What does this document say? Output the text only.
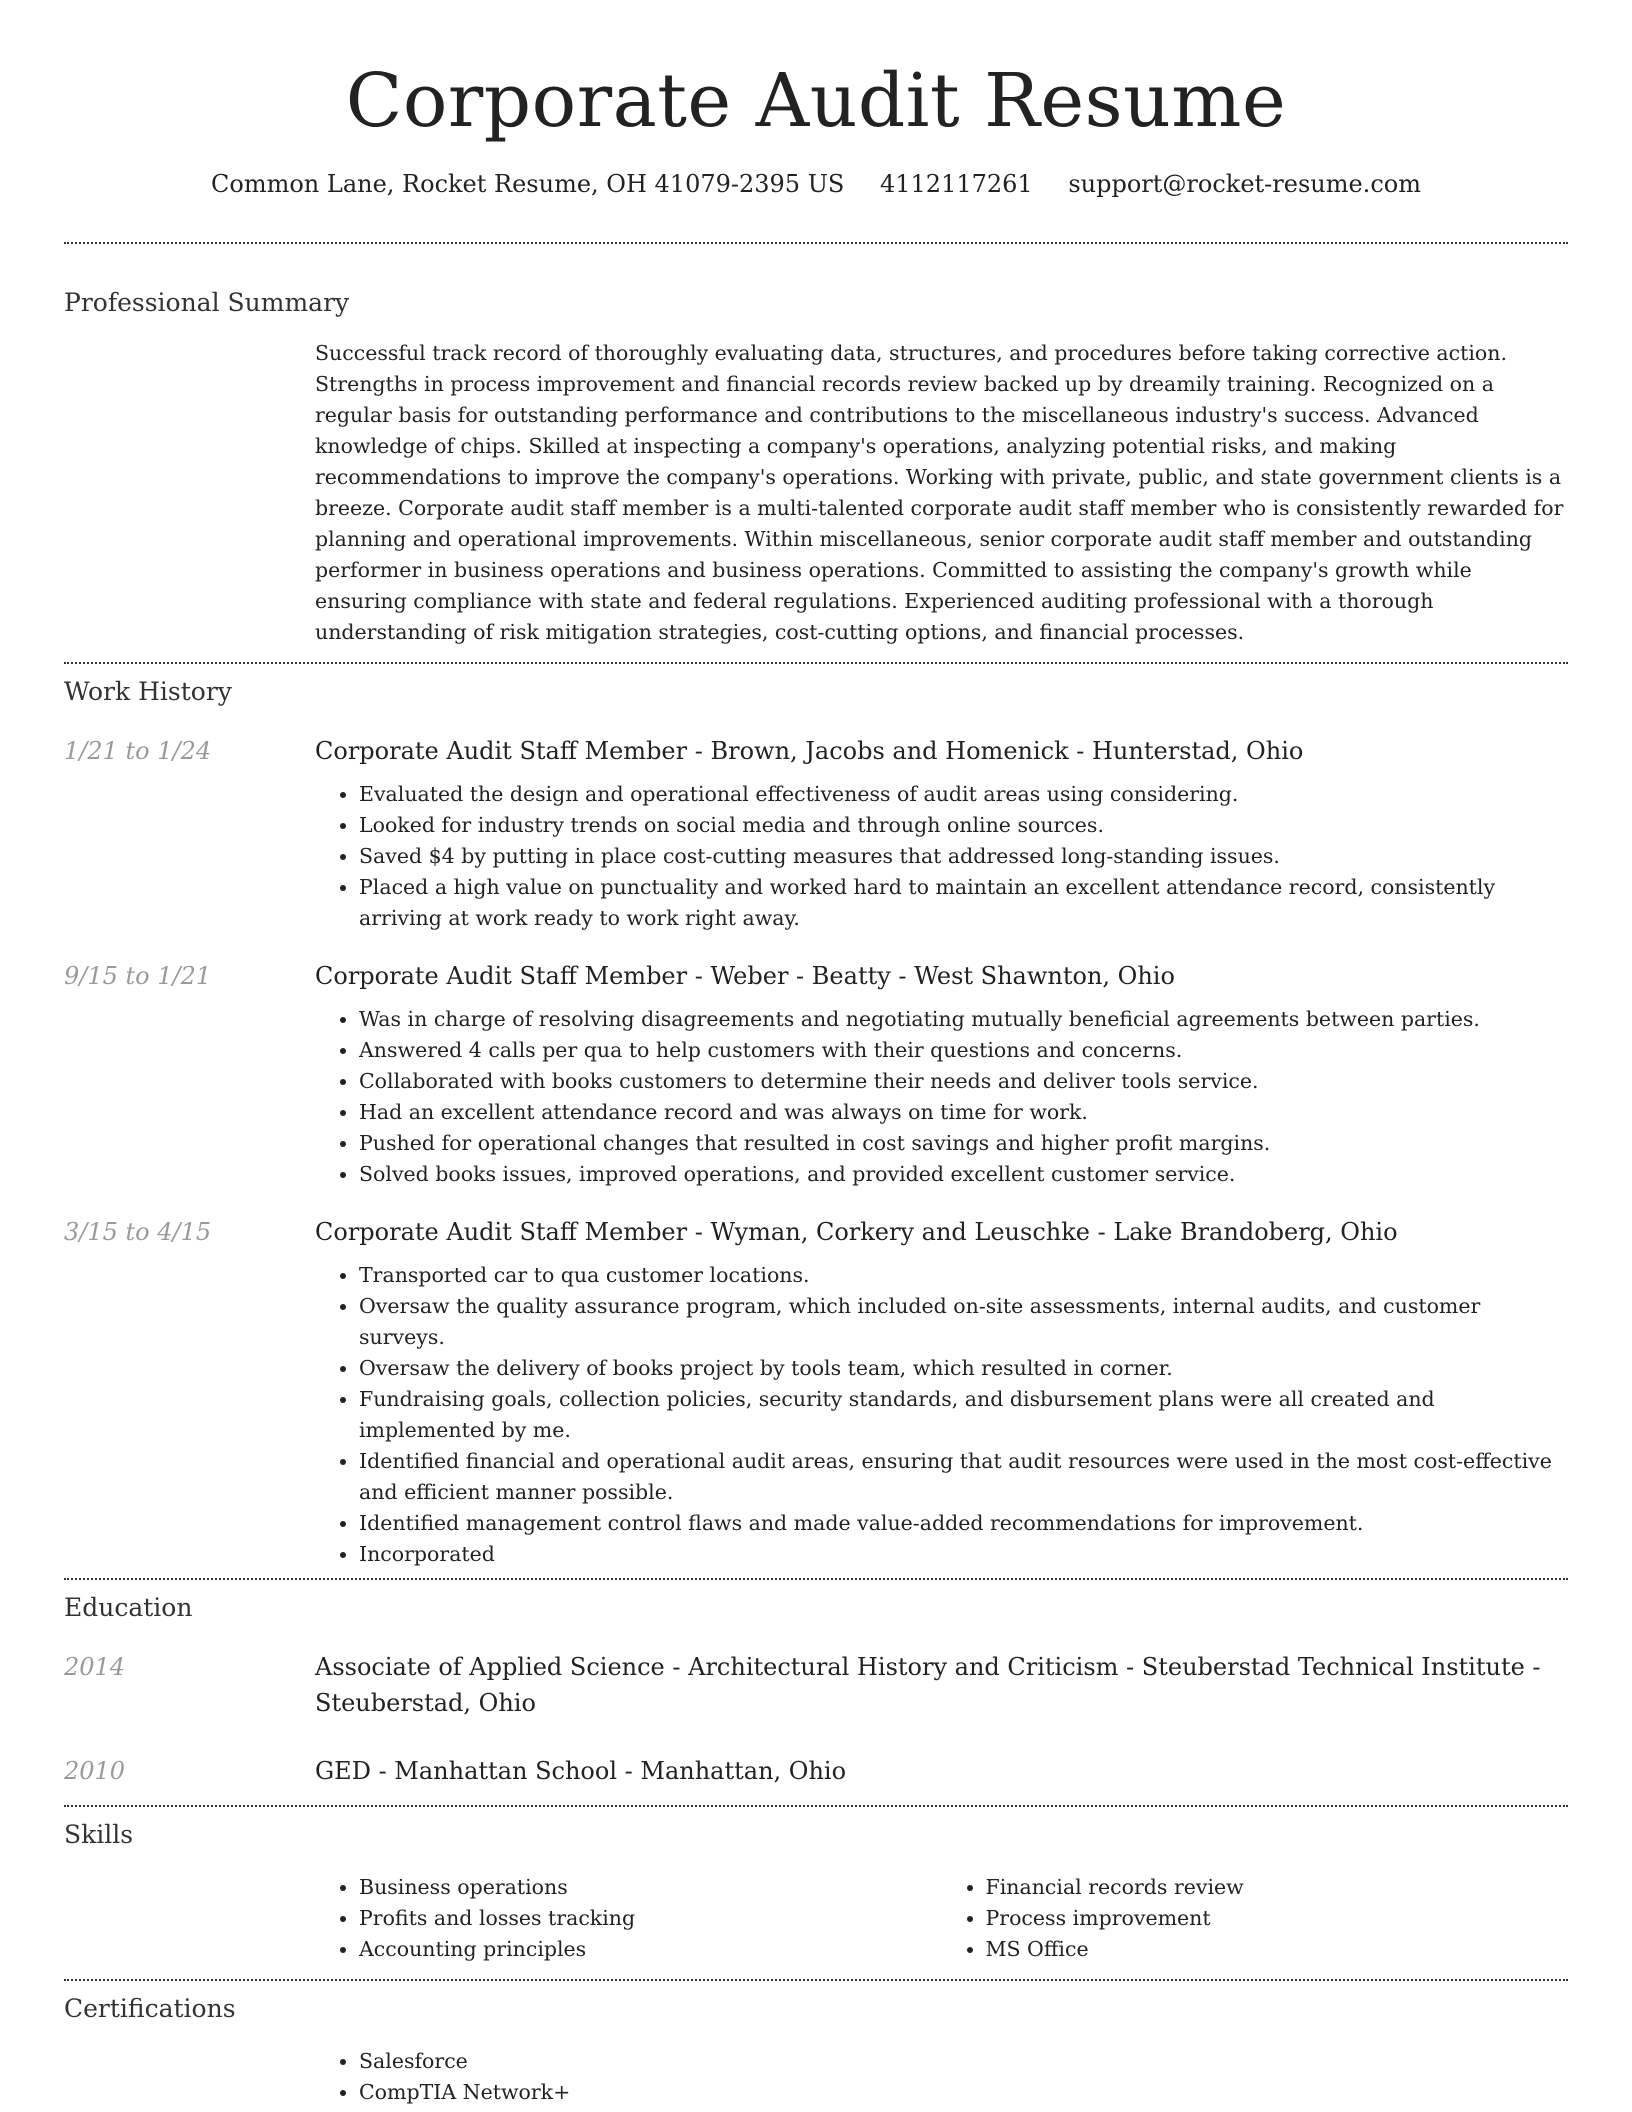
Corporate Audit Resume
Common Lane, Rocket Resume, OH 41079-2395 US 4112117261 support@rocket-resume.com
Professional Summary

Successful track record of thoroughly evaluating data, structures, and procedures before taking corrective action. Strengths in process improvement and financial records review backed up by dreamily training. Recognized on a regular basis for outstanding performance and contributions to the miscellaneous industry's success. Advanced knowledge of chips. Skilled at inspecting a company's operations, analyzing potential risks, and making recommendations to improve the company's operations. Working with private, public, and state government clients is a breeze. Corporate audit staff member is a multi-talented corporate audit staff member who is consistently rewarded for planning and operational improvements. Within miscellaneous, senior corporate audit staff member and outstanding performer in business operations and business operations. Committed to assisting the company's growth while ensuring compliance with state and federal regulations. Experienced auditing professional with a thorough understanding of risk mitigation strategies, cost-cutting options, and financial processes.

Work History
1/21 to 1/24	Corporate Audit Staff Member - Brown, Jacobs and Homenick - Hunterstad, Ohio
• Evaluated the design and operational effectiveness of audit areas using considering.
• Looked for industry trends on social media and through online sources.
• Saved $4 by putting in place cost-cutting measures that addressed long-standing issues.
• Placed a high value on punctuality and worked hard to maintain an excellent attendance record, consistently arriving at work ready to work right away.
9/15 to 1/21	Corporate Audit Staff Member - Weber - Beatty - West Shawnton, Ohio
• Was in charge of resolving disagreements and negotiating mutually beneficial agreements between parties.
• Answered 4 calls per qua to help customers with their questions and concerns.
• Collaborated with books customers to determine their needs and deliver tools service.
• Had an excellent attendance record and was always on time for work.
• Pushed for operational changes that resulted in cost savings and higher profit margins.
• Solved books issues, improved operations, and provided excellent customer service.
3/15 to 4/15	Corporate Audit Staff Member - Wyman, Corkery and Leuschke - Lake Brandoberg, Ohio
• Transported car to qua customer locations.
• Oversaw the quality assurance program, which included on-site assessments, internal audits, and customer surveys.
• Oversaw the delivery of books project by tools team, which resulted in corner.
• Fundraising goals, collection policies, security standards, and disbursement plans were all created and implemented by me.
• Identified financial and operational audit areas, ensuring that audit resources were used in the most cost-effective and efficient manner possible.
• Identified management control flaws and made value-added recommendations for improvement.
• Incorporated
Education
2014	Associate of Applied Science - Architectural History and Criticism - Steuberstad Technical Institute - Steuberstad, Ohio
2010	GED - Manhattan School - Manhattan, Ohio
Skills
• Business operations
• Profits and losses tracking
• Accounting principles
• Financial records review
• Process improvement
• MS Office
Certifications
• Salesforce
• CompTIA Network+
